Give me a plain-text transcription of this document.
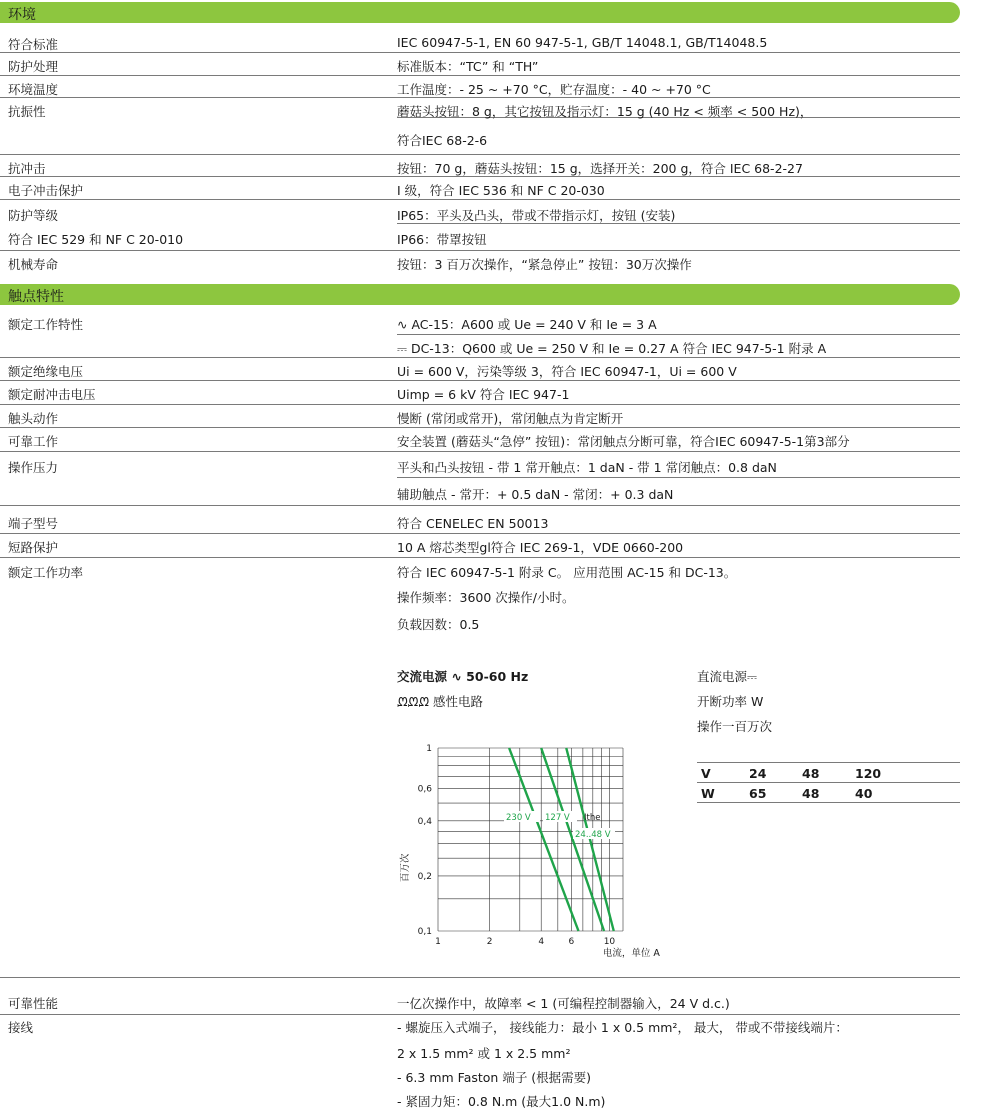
环境
符合标准	IEC 60947-5-1, EN 60 947-5-1, GB/T 14048.1, GB/T14048.5
防护处理	标准版本：“TC” 和 “TH”
环境温度	工作温度：- 25 ~ +70 °C，贮存温度：- 40 ~ +70 °C
抗振性	蘑菇头按钮：8 g，其它按钮及指示灯：15 g (40 Hz < 频率 < 500 Hz)，
符合IEC 68-2-6
抗冲击	按钮：70 g，蘑菇头按钮：15 g，选择开关：200 g，符合 IEC 68-2-27
电子冲击保护	I 级，符合 IEC 536 和 NF C 20-030
防护等级	IP65：平头及凸头，带或不带指示灯，按钮 (安装)
符合 IEC 529 和 NF C 20-010	IP66：带罩按钮
机械寿命	按钮：3 百万次操作，“紧急停止” 按钮：30万次操作
触点特性
额定工作特性	∿ AC-15：A600 或 Ue = 240 V 和 Ie = 3 A
⎓ DC-13：Q600 或 Ue = 250 V 和 Ie = 0.27 A 符合 IEC 947-5-1 附录 A
额定绝缘电压	Ui = 600 V，污染等级 3，符合 IEC 60947-1，Ui = 600 V
额定耐冲击电压	Uimp = 6 kV 符合 IEC 947-1
触头动作	慢断 (常闭或常开)，常闭触点为肯定断开
可靠工作	安全装置 (蘑菇头“急停” 按钮)：常闭触点分断可靠，符合IEC 60947-5-1第3部分
操作压力	平头和凸头按钮 - 带 1 常开触点：1 daN - 带 1 常闭触点：0.8 daN
辅助触点 - 常开：+ 0.5 daN - 常闭：+ 0.3 daN
端子型号	符合 CENELEC EN 50013
短路保护	10 A 熔芯类型gl符合 IEC 269-1，VDE 0660-200
额定工作功率	符合 IEC 60947-5-1 附录 C。 应用范围 AC-15 和 DC-13。
操作频率：3600 次操作/小时。
负载因数：0.5
交流电源 ∿ 50-60 Hz
ᘻᘻᘻ 感性电路
直流电源⎓
开断功率 W
操作一百万次
V	24	48	120
W	65	48	40
1	2	4	6	10
1
0,6
0,4
0,2
0,1
电流，单位 A
百万次
230 V 127 V Ithe
24..48 V
可靠性能	一亿次操作中，故障率 < 1 (可编程控制器输入，24 V d.c.)
接线	- 螺旋压入式端子， 接线能力：最小 1 x 0.5 mm²， 最大， 带或不带接线端片：
2 x 1.5 mm² 或 1 x 2.5 mm²
- 6.3 mm Faston 端子 (根据需要)
- 紧固力矩：0.8 N.m (最大1.0 N.m)
